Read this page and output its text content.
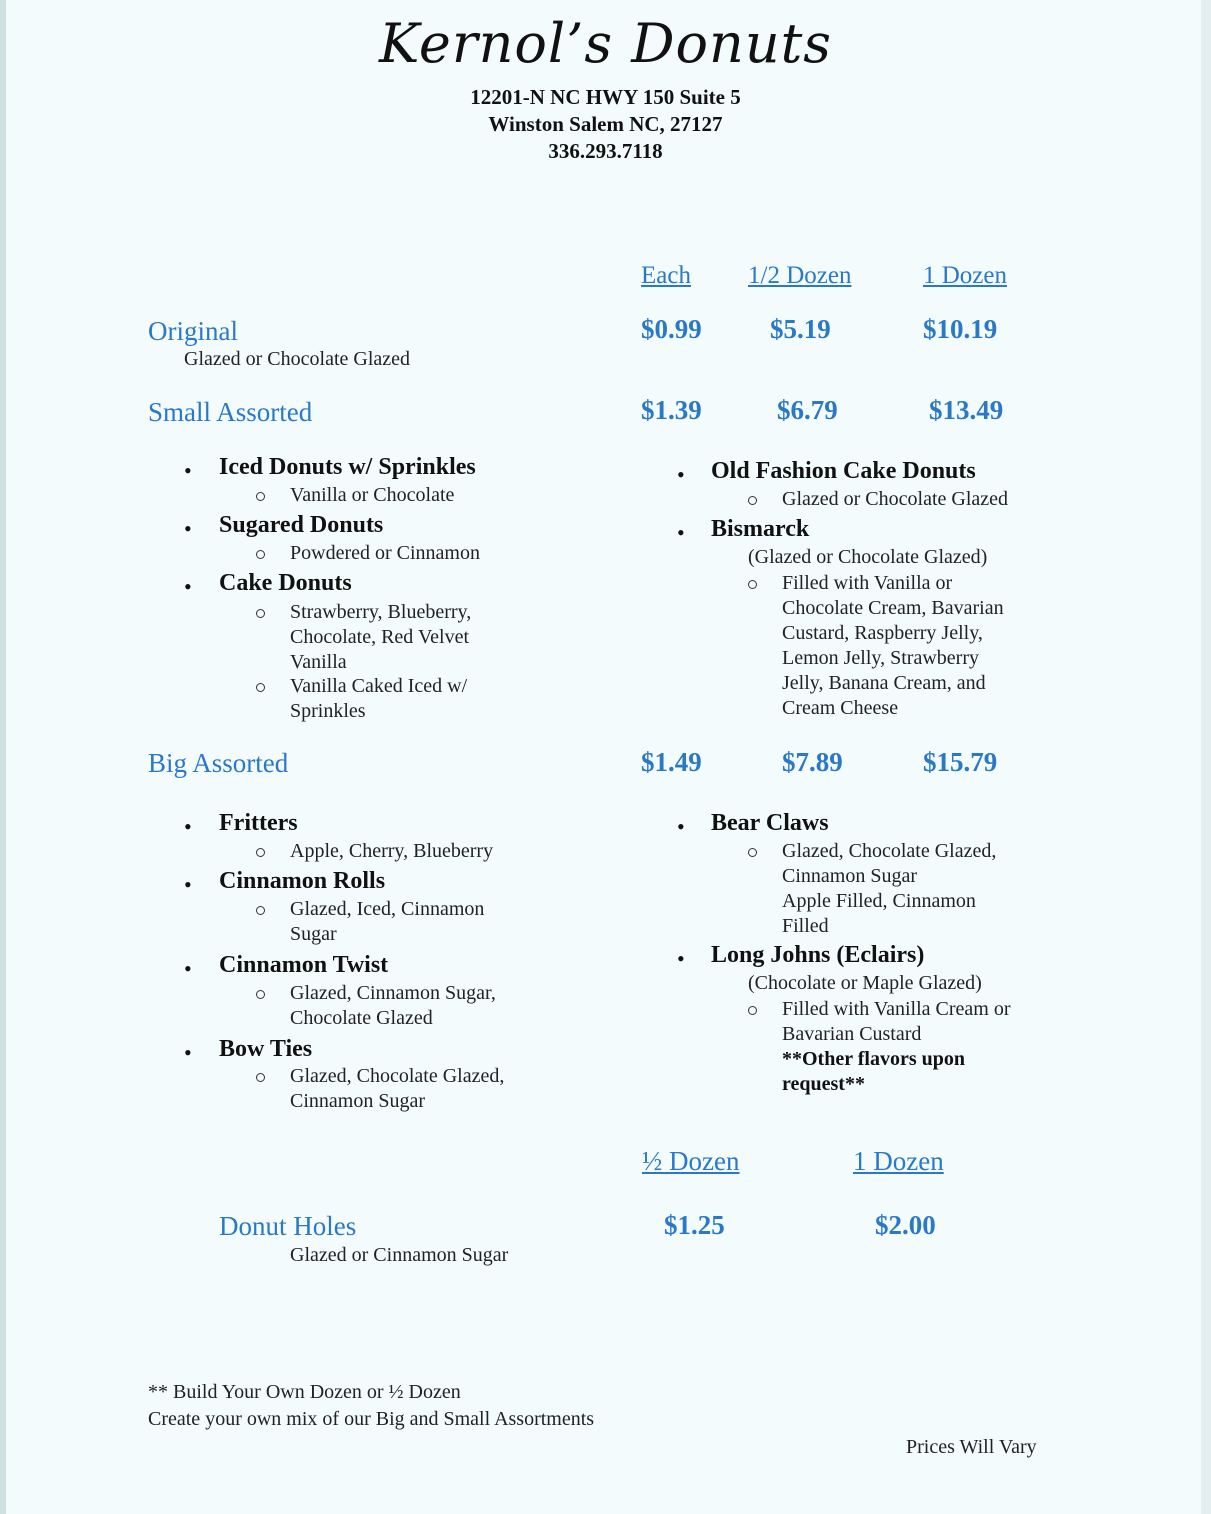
Kernol’s Donuts
12201-N NC HWY 150 Suite 5
Winston Salem NC, 27127
336.293.7118
Each 1/2 Dozen	1 Dozen
Original
Glazed or Chocolate Glazed
$0.99	$5.19	$10.19
Small Assorted	$1.39	$6.79	$13.49
• Iced Donuts w/ Sprinkles
Vanilla or Chocolate
• Sugared Donuts
Powdered or Cinnamon
• Cake Donuts
Strawberry, Blueberry,
Chocolate, Red Velvet
Vanilla
Vanilla Caked Iced w/
Sprinkles
• Old Fashion Cake Donuts
Glazed or Chocolate Glazed
• Bismarck
(Glazed or Chocolate Glazed)
Filled with Vanilla or
Chocolate Cream, Bavarian
Custard, Raspberry Jelly,
Lemon Jelly, Strawberry
Jelly, Banana Cream, and
Cream Cheese
Big Assorted	$1.49	$7.89	$15.79
• Fritters
Apple, Cherry, Blueberry
• Cinnamon Rolls
Glazed, Iced, Cinnamon
Sugar
• Cinnamon Twist
Glazed, Cinnamon Sugar,
Chocolate Glazed
• Bow Ties
Glazed, Chocolate Glazed,
Cinnamon Sugar
• Bear Claws
Glazed, Chocolate Glazed,
Cinnamon Sugar
Apple Filled, Cinnamon
Filled
• Long Johns (Eclairs)
(Chocolate or Maple Glazed)
Filled with Vanilla Cream or
Bavarian Custard
**Other flavors upon
request**
½ Dozen	1 Dozen
Donut Holes
Glazed or Cinnamon Sugar
$1.25	$2.00
** Build Your Own Dozen or ½ Dozen
Create your own mix of our Big and Small Assortments
Prices Will Vary
